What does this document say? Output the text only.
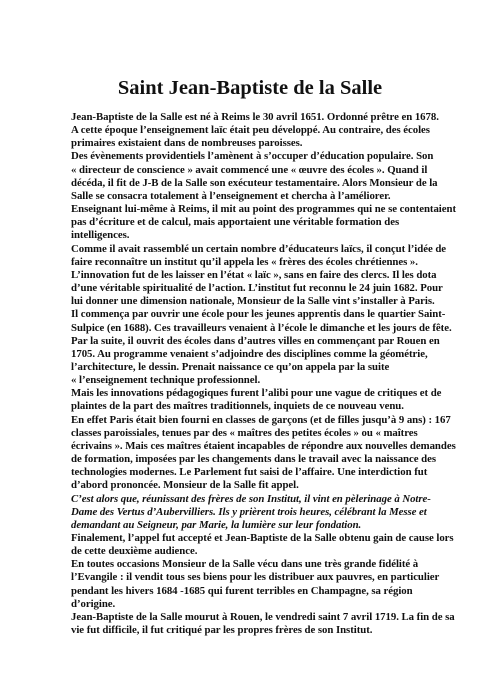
Saint Jean-Baptiste de la Salle
Jean-Baptiste de la Salle est né à Reims le 30 avril 1651. Ordonné prêtre en 1678.
A cette époque l’enseignement laïc était peu développé. Au contraire, des écoles
primaires existaient dans de nombreuses paroisses.
Des évènements providentiels l’amènent à s’occuper d’éducation populaire. Son
« directeur de conscience » avait commencé une « œuvre des écoles ». Quand il
décéda, il fit de J-B de la Salle son exécuteur testamentaire. Alors Monsieur de la
Salle se consacra totalement à l’enseignement et chercha à l’améliorer.
Enseignant lui-même à Reims, il mit au point des programmes qui ne se contentaient
pas d’écriture et de calcul, mais apportaient une véritable formation des
intelligences.
Comme il avait rassemblé un certain nombre d’éducateurs laïcs, il conçut l’idée de
faire reconnaître un institut qu’il appela les « frères des écoles chrétiennes ».
L’innovation fut de les laisser en l’état « laïc », sans en faire des clercs. Il les dota
d’une véritable spiritualité de l’action. L’institut fut reconnu le 24 juin 1682. Pour
lui donner une dimension nationale, Monsieur de la Salle vint s’installer à Paris.
Il commença par ouvrir une école pour les jeunes apprentis dans le quartier Saint-
Sulpice (en 1688). Ces travailleurs venaient à l’école le dimanche et les jours de fête.
Par la suite, il ouvrit des écoles dans d’autres villes en commençant par Rouen en
1705. Au programme venaient s’adjoindre des disciplines comme la géométrie,
l’architecture, le dessin. Prenait naissance ce qu’on appela par la suite
« l’enseignement technique professionnel.
Mais les innovations pédagogiques furent l’alibi pour une vague de critiques et de
plaintes de la part des maîtres traditionnels, inquiets de ce nouveau venu.
En effet Paris était bien fourni en classes de garçons (et de filles jusqu’à 9 ans) : 167
classes paroissiales, tenues par des « maîtres des petites écoles » ou « maîtres
écrivains ». Mais ces maîtres étaient incapables de répondre aux nouvelles demandes
de formation, imposées par les changements dans le travail avec la naissance des
technologies modernes. Le Parlement fut saisi de l’affaire. Une interdiction fut
d’abord prononcée. Monsieur de la Salle fit appel.
C’est alors que, réunissant des frères de son Institut, il vint en pèlerinage à Notre-
Dame des Vertus d’Aubervilliers. Ils y prièrent trois heures, célébrant la Messe et
demandant au Seigneur, par Marie, la lumière sur leur fondation.
Finalement, l’appel fut accepté et Jean-Baptiste de la Salle obtenu gain de cause lors
de cette deuxième audience.
En toutes occasions Monsieur de la Salle vécu dans une très grande fidélité à
l’Evangile : il vendit tous ses biens pour les distribuer aux pauvres, en particulier
pendant les hivers 1684 -1685 qui furent terribles en Champagne, sa région
d’origine.
Jean-Baptiste de la Salle mourut à Rouen, le vendredi saint 7 avril 1719. La fin de sa
vie fut difficile, il fut critiqué par les propres frères de son Institut.
